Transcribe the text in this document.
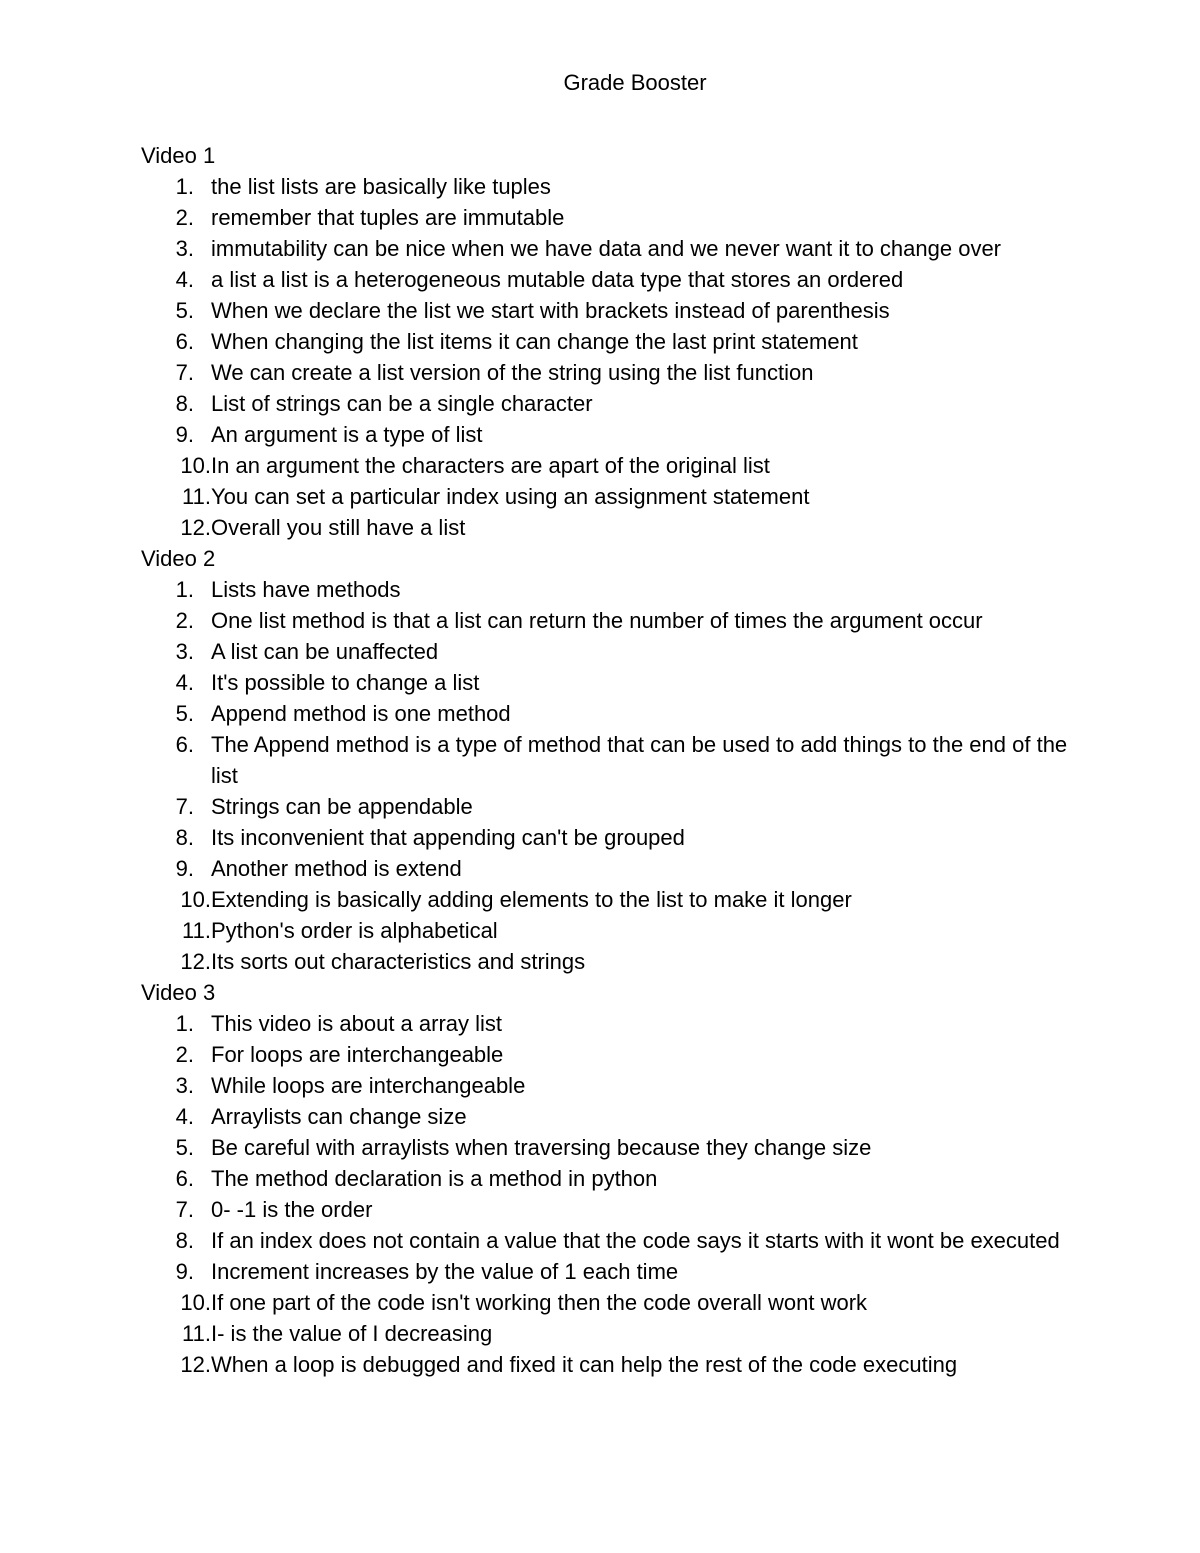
Grade Booster
Video 1
1. the list lists are basically like tuples
2. remember that tuples are immutable
3. immutability can be nice when we have data and we never want it to change over
4. a list a list is a heterogeneous mutable data type that stores an ordered
5. When we declare the list we start with brackets instead of parenthesis
6. When changing the list items it can change the last print statement
7. We can create a list version of the string using the list function
8. List of strings can be a single character
9. An argument is a type of list
10. In an argument the characters are apart of the original list
11. You can set a particular index using an assignment statement
12. Overall you still have a list
Video 2
1. Lists have methods
2. One list method is that a list can return the number of times the argument occur
3. A list can be unaffected
4. It's possible to change a list
5. Append method is one method
6. The Append method is a type of method that can be used to add things to the end of the list
7. Strings can be appendable
8. Its inconvenient that appending can't be grouped
9. Another method is extend
10. Extending is basically adding elements to the list to make it longer
11. Python's order is alphabetical
12. Its sorts out characteristics and strings
Video 3
1. This video is about a array list
2. For loops are interchangeable
3. While loops are interchangeable
4. Arraylists can change size
5. Be careful with arraylists when traversing because they change size
6. The method declaration is a method in python
7. 0- -1 is the order
8. If an index does not contain a value that the code says it starts with it wont be executed
9. Increment increases by the value of 1 each time
10. If one part of the code isn't working then the code overall wont work
11. I- is the value of I decreasing
12. When a loop is debugged and fixed it can help the rest of the code executing
